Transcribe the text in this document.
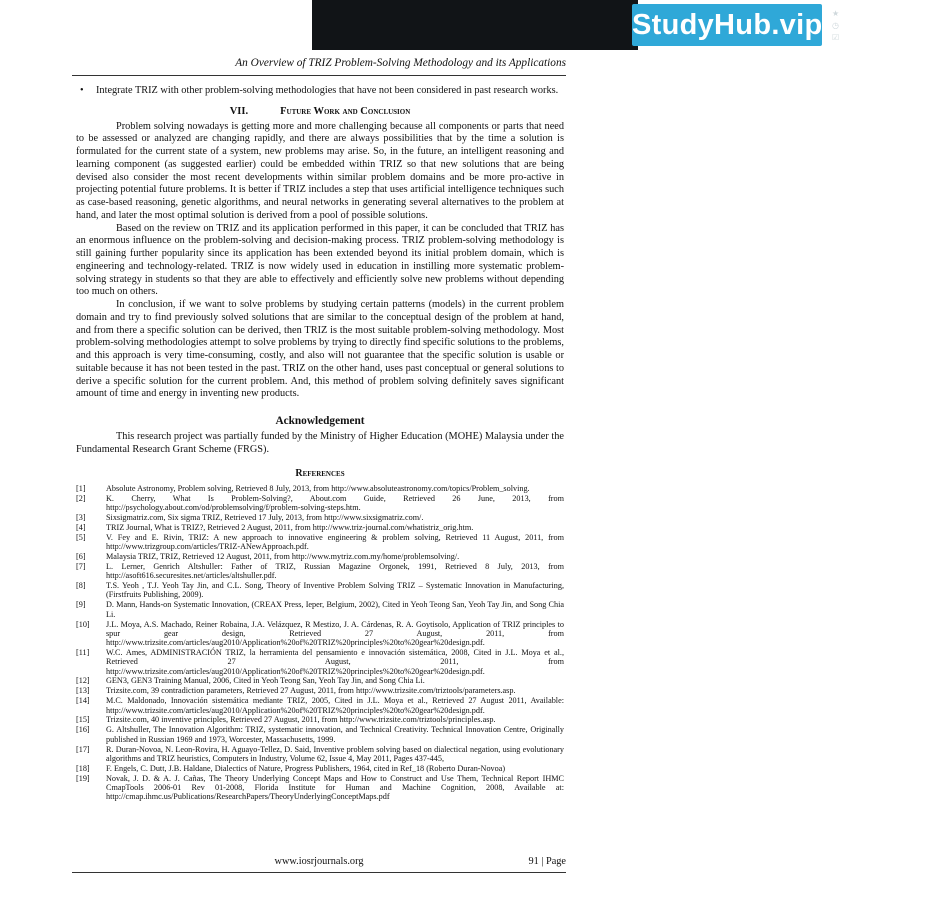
StudyHub.vip ★ Experienced writers
◷ On-time delivery
☑ 100% plagiarism free
An Overview of TRIZ Problem-Solving Methodology and its Applications
•	Integrate TRIZ with other problem-solving methodologies that have not been considered in past research works.
VII.	Future Work and Conclusion

Problem solving nowadays is getting more and more challenging because all components or parts that need to be assessed or analyzed are changing rapidly, and there are always possibilities that by the time a solution is formulated for the current state of a system, new problems may arise. So, in the future, an intelligent reasoning and learning component (as suggested earlier) could be embedded within TRIZ so that new solutions that are being devised also consider the most recent developments within similar problem domains and be more pro-active in projecting potential future problems. It is better if TRIZ includes a step that uses artificial intelligence techniques such as case-based reasoning, genetic algorithms, and neural networks in generating several alternatives to the problem at hand, and later the most optimal solution is derived from a pool of possible solutions.

Based on the review on TRIZ and its application performed in this paper, it can be concluded that TRIZ has an enormous influence on the problem-solving and decision-making process. TRIZ problem-solving methodology is still gaining further popularity since its application has been extended beyond its initial problem domain, which is engineering and technology-related. TRIZ is now widely used in education in instilling more systematic problem-solving strategy in students so that they are able to effectively and efficiently solve new problems without depending too much on others.

In conclusion, if we want to solve problems by studying certain patterns (models) in the current problem domain and try to find previously solved solutions that are similar to the conceptual design of the problem at hand, and from there a specific solution can be derived, then TRIZ is the most suitable problem-solving methodology. Most problem-solving methodologies attempt to solve problems by trying to directly find specific solutions to the problems, and this approach is very time-consuming, costly, and also will not guarantee that the specific solution is usable or suitable because it has not been tested in the past. TRIZ on the other hand, uses past conceptual or general solutions to derive a specific solution for the current problem. And, this method of problem solving definitely saves significant amount of time and energy in inventing new products.

Acknowledgement

This research project was partially funded by the Ministry of Higher Education (MOHE) Malaysia under the Fundamental Research Grant Scheme (FRGS).

References
[1]	Absolute Astronomy, Problem solving, Retrieved 8 July, 2013, from http://www.absoluteastronomy.com/topics/Problem_solving.
[2]	K. Cherry, What Is Problem-Solving?, About.com Guide, Retrieved 26 June, 2013, from http://psychology.about.com/od/problemsolving/f/problem-solving-steps.htm.
[3]	Sixsigmatriz.com, Six sigma TRIZ, Retrieved 17 July, 2013, from http://www.sixsigmatriz.com/.
[4]	TRIZ Journal, What is TRIZ?, Retrieved 2 August, 2011, from http://www.triz-journal.com/whatistriz_orig.htm.
[5]	V. Fey and E. Rivin, TRIZ: A new approach to innovative engineering & problem solving, Retrieved 11 August, 2011, from http://www.trizgroup.com/articles/TRIZ-ANewApproach.pdf.
[6]	Malaysia TRIZ, TRIZ, Retrieved 12 August, 2011, from http://www.mytriz.com.my/home/problemsolving/.
[7]	L. Lerner, Genrich Altshuller: Father of TRIZ, Russian Magazine Orgonek, 1991, Retrieved 8 July, 2013, from http://asoft616.securesites.net/articles/altshuller.pdf.
[8]	T.S. Yeoh , T.J. Yeoh Tay Jin, and C.L. Song, Theory of Inventive Problem Solving TRIZ – Systematic Innovation in Manufacturing, (Firstfruits Publishing, 2009).
[9]	D. Mann, Hands-on Systematic Innovation, (CREAX Press, Ieper, Belgium, 2002), Cited in Yeoh Teong San, Yeoh Tay Jin, and Song Chia Li.
[10]	J.L. Moya, A.S. Machado, Reiner Robaina, J.A. Velázquez, R Mestizo, J. A. Cárdenas, R. A. Goytisolo, Application of TRIZ principles to spur gear design, Retrieved 27 August, 2011, from http://www.trizsite.com/articles/aug2010/Application%20of%20TRIZ%20principles%20to%20gear%20design.pdf.
[11]	W.C. Ames, ADMINISTRACIÓN TRIZ, la herramienta del pensamiento e innovación sistemática, 2008, Cited in J.L. Moya et al., Retrieved 27 August, 2011, from http://www.trizsite.com/articles/aug2010/Application%20of%20TRIZ%20principles%20to%20gear%20design.pdf.
[12]	GEN3, GEN3 Training Manual, 2006, Cited in Yeoh Teong San, Yeoh Tay Jin, and Song Chia Li.
[13]	Trizsite.com, 39 contradiction parameters, Retrieved 27 August, 2011, from http://www.trizsite.com/triztools/parameters.asp.
[14]	M.C. Maldonado, Innovación sistemática mediante TRIZ, 2005, Cited in J.L. Moya et al., Retrieved 27 August 2011, Available: http://www.trizsite.com/articles/aug2010/Application%20of%20TRIZ%20principles%20to%20gear%20design.pdf.
[15]	Trizsite.com, 40 inventive principles, Retrieved 27 August, 2011, from http://www.trizsite.com/triztools/principles.asp.
[16]	G. Altshuller, The Innovation Algorithm: TRIZ, systematic innovation, and Technical Creativity. Technical Innovation Centre, Originally published in Russian 1969 and 1973, Worcester, Massachusetts, 1999.
[17]	R. Duran-Novoa, N. Leon-Rovira, H. Aguayo-Tellez, D. Said, Inventive problem solving based on dialectical negation, using evolutionary algorithms and TRIZ heuristics, Computers in Industry, Volume 62, Issue 4, May 2011, Pages 437-445,
[18]	F. Engels, C. Dutt, J.B. Haldane, Dialectics of Nature, Progress Publishers, 1964, cited in Ref_18 (Roberto Duran-Novoa)
[19]	Novak, J. D. & A. J. Cañas, The Theory Underlying Concept Maps and How to Construct and Use Them, Technical Report IHMC CmapTools 2006-01 Rev 01-2008, Florida Institute for Human and Machine Cognition, 2008, Available at: http://cmap.ihmc.us/Publications/ResearchPapers/TheoryUnderlyingConceptMaps.pdf
www.iosrjournals.org	91 | Page
